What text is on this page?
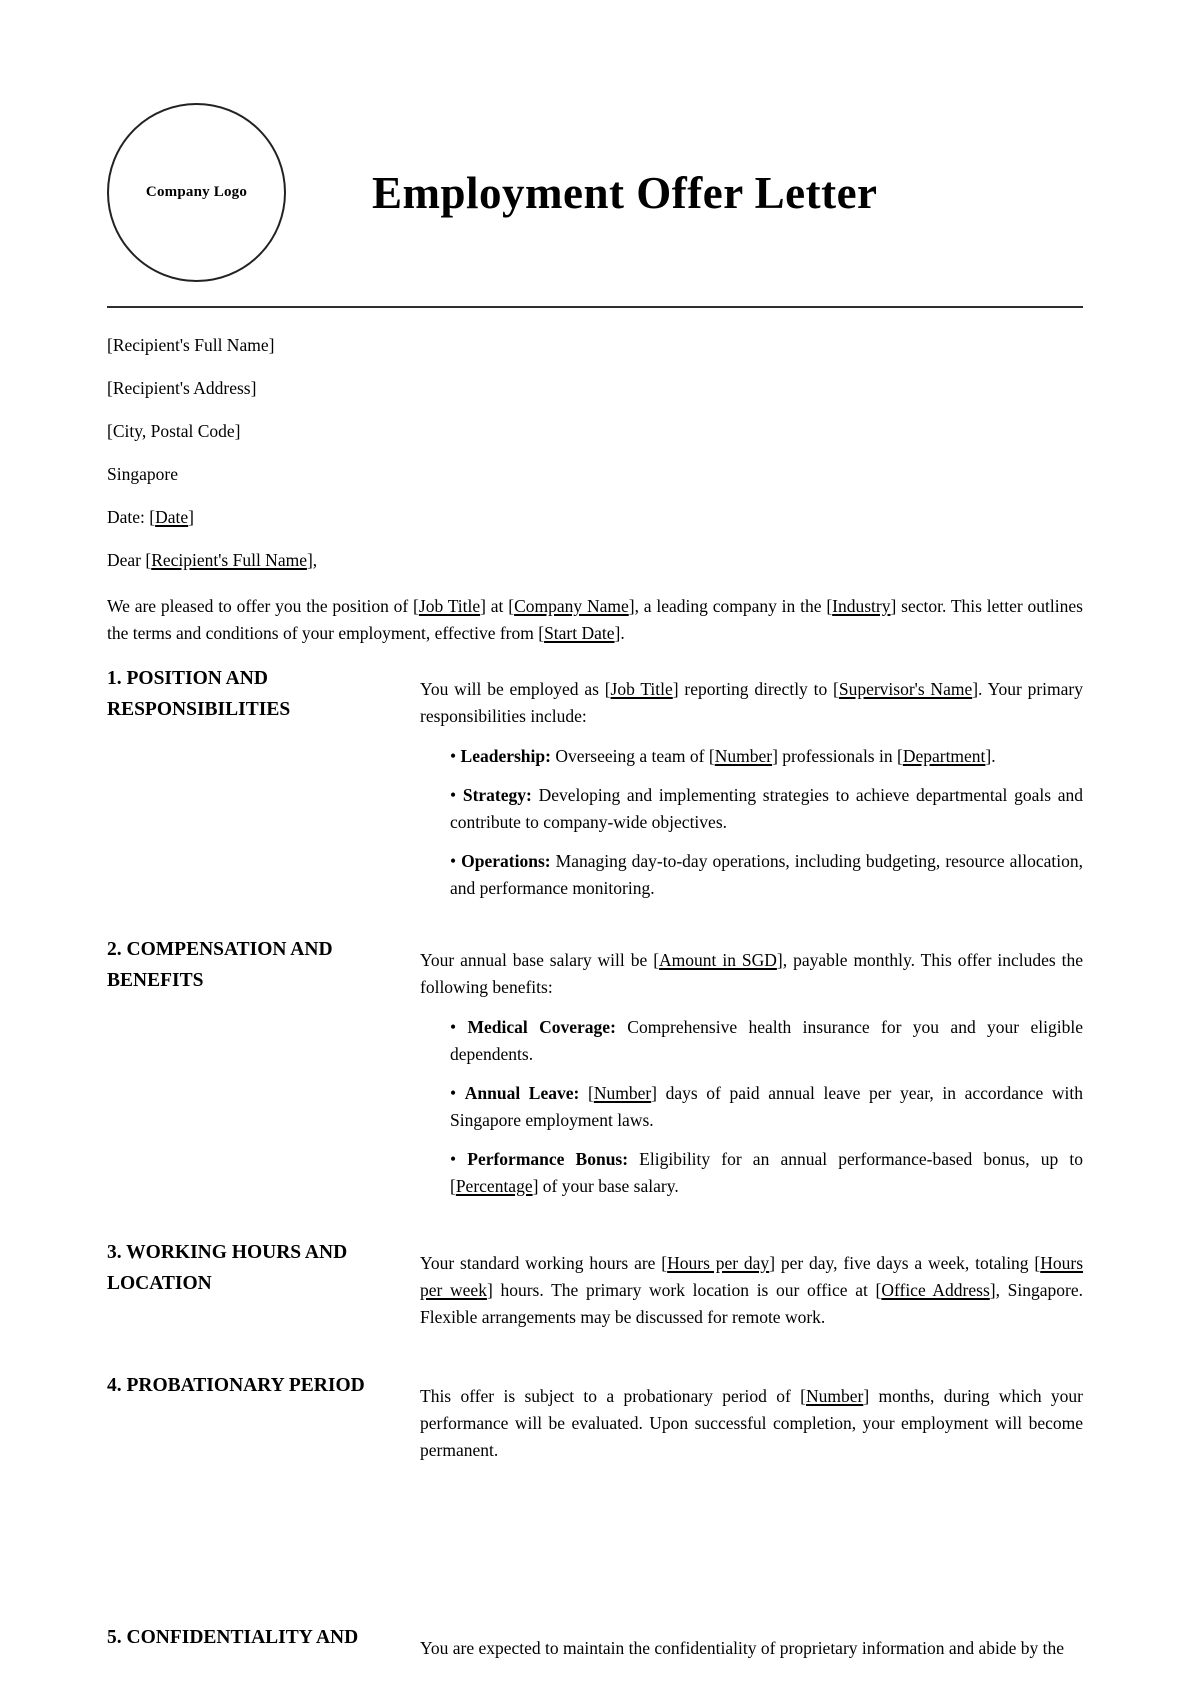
Company Logo	Employment Offer Letter

[Recipient's Full Name]

[Recipient's Address]

[City, Postal Code]

Singapore

Date: [Date]

Dear [Recipient's Full Name],

We are pleased to offer you the position of [Job Title] at [Company Name], a leading company in the [Industry] sector. This letter outlines the terms and conditions of your employment, effective from [Start Date].

1. POSITION AND
RESPONSIBILITIES

You will be employed as [Job Title] reporting directly to [Supervisor's Name]. Your primary responsibilities include:

• Leadership: Overseeing a team of [Number] professionals in [Department].

• Strategy: Developing and implementing strategies to achieve departmental goals and contribute to company-wide objectives.

• Operations: Managing day-to-day operations, including budgeting, resource allocation, and performance monitoring.

2. COMPENSATION AND
BENEFITS

Your annual base salary will be [Amount in SGD], payable monthly. This offer includes the following benefits:

• Medical Coverage: Comprehensive health insurance for you and your eligible dependents.

• Annual Leave: [Number] days of paid annual leave per year, in accordance with Singapore employment laws.

• Performance Bonus: Eligibility for an annual performance-based bonus, up to [Percentage] of your base salary.

3. WORKING HOURS AND
LOCATION

Your standard working hours are [Hours per day] per day, five days a week, totaling [Hours per week] hours. The primary work location is our office at [Office Address], Singapore. Flexible arrangements may be discussed for remote work.

4. PROBATIONARY PERIOD	This offer is subject to a probationary period of [Number] months, during which your performance will be evaluated. Upon successful completion, your employment will become permanent.

5. CONFIDENTIALITY AND	You are expected to maintain the confidentiality of proprietary information and abide by the
